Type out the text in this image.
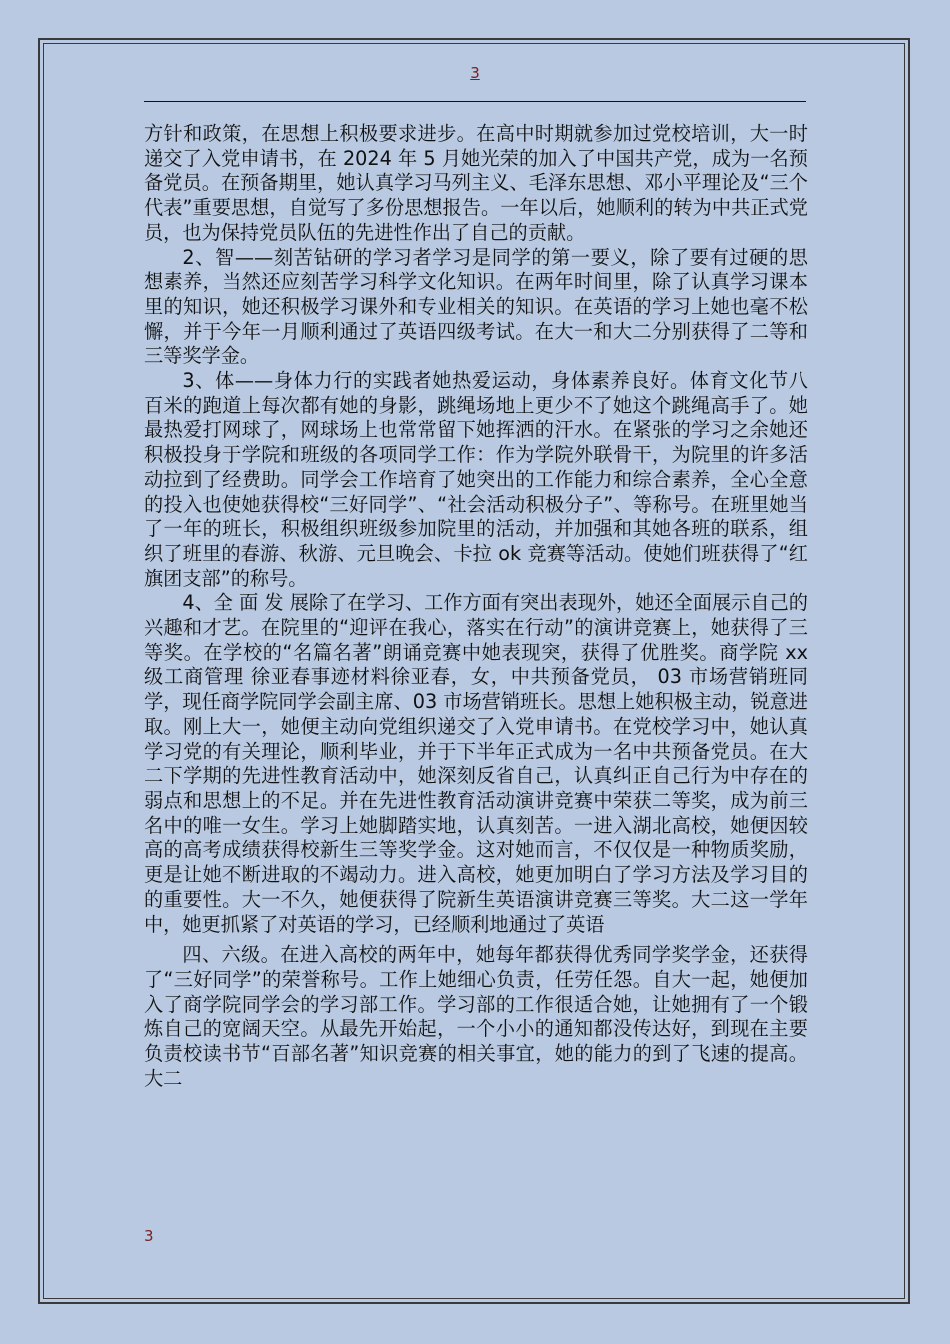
3

方针和政策，在思想上积极要求进步。在高中时期就参加过党校培训，大一时递交了入党申请书，在 2024 年 5 月她光荣的加入了中国共产党，成为一名预备党员。在预备期里，她认真学习马列主义、毛泽东思想、邓小平理论及“三个代表”重要思想，自觉写了多份思想报告。一年以后，她顺利的转为中共正式党员，也为保持党员队伍的先进性作出了自己的贡献。

2、智——刻苦钻研的学习者学习是同学的第一要义，除了要有过硬的思想素养，当然还应刻苦学习科学文化知识。在两年时间里，除了认真学习课本里的知识，她还积极学习课外和专业相关的知识。在英语的学习上她也毫不松懈，并于今年一月顺利通过了英语四级考试。在大一和大二分别获得了二等和三等奖学金。

3、体——身体力行的实践者她热爱运动，身体素养良好。体育文化节八百米的跑道上每次都有她的身影，跳绳场地上更少不了她这个跳绳高手了。她最热爱打网球了，网球场上也常常留下她挥洒的汗水。在紧张的学习之余她还积极投身于学院和班级的各项同学工作：作为学院外联骨干，为院里的许多活动拉到了经费助。同学会工作培育了她突出的工作能力和综合素养，全心全意的投入也使她获得校“三好同学”、“社会活动积极分子”、等称号。在班里她当了一年的班长，积极组织班级参加院里的活动，并加强和其她各班的联系，组织了班里的春游、秋游、元旦晚会、卡拉 ok 竞赛等活动。使她们班获得了“红旗团支部”的称号。

4、全 面 发 展除了在学习、工作方面有突出表现外，她还全面展示自己的兴趣和才艺。在院里的“迎评在我心，落实在行动”的演讲竞赛上，她获得了三等奖。在学校的“名篇名著”朗诵竞赛中她表现突，获得了优胜奖。商学院 xx 级工商管理 徐亚春事迹材料徐亚春，女，中共预备党员， 03 市场营销班同学，现任商学院同学会副主席、03 市场营销班长。思想上她积极主动，锐意进取。刚上大一，她便主动向党组织递交了入党申请书。在党校学习中，她认真学习党的有关理论，顺利毕业，并于下半年正式成为一名中共预备党员。在大二下学期的先进性教育活动中，她深刻反省自己，认真纠正自己行为中存在的弱点和思想上的不足。并在先进性教育活动演讲竞赛中荣获二等奖，成为前三名中的唯一女生。学习上她脚踏实地，认真刻苦。一进入湖北高校，她便因较高的高考成绩获得校新生三等奖学金。这对她而言，不仅仅是一种物质奖励，更是让她不断进取的不竭动力。进入高校，她更加明白了学习方法及学习目的的重要性。大一不久，她便获得了院新生英语演讲竞赛三等奖。大二这一学年中，她更抓紧了对英语的学习，已经顺利地通过了英语

四、六级。在进入高校的两年中，她每年都获得优秀同学奖学金，还获得了“三好同学”的荣誉称号。工作上她细心负责，任劳任怨。自大一起，她便加入了商学院同学会的学习部工作。学习部的工作很适合她，让她拥有了一个锻炼自己的宽阔天空。从最先开始起，一个小小的通知都没传达好，到现在主要负责校读书节“百部名著”知识竞赛的相关事宜，她的能力的到了飞速的提高。大二

3
